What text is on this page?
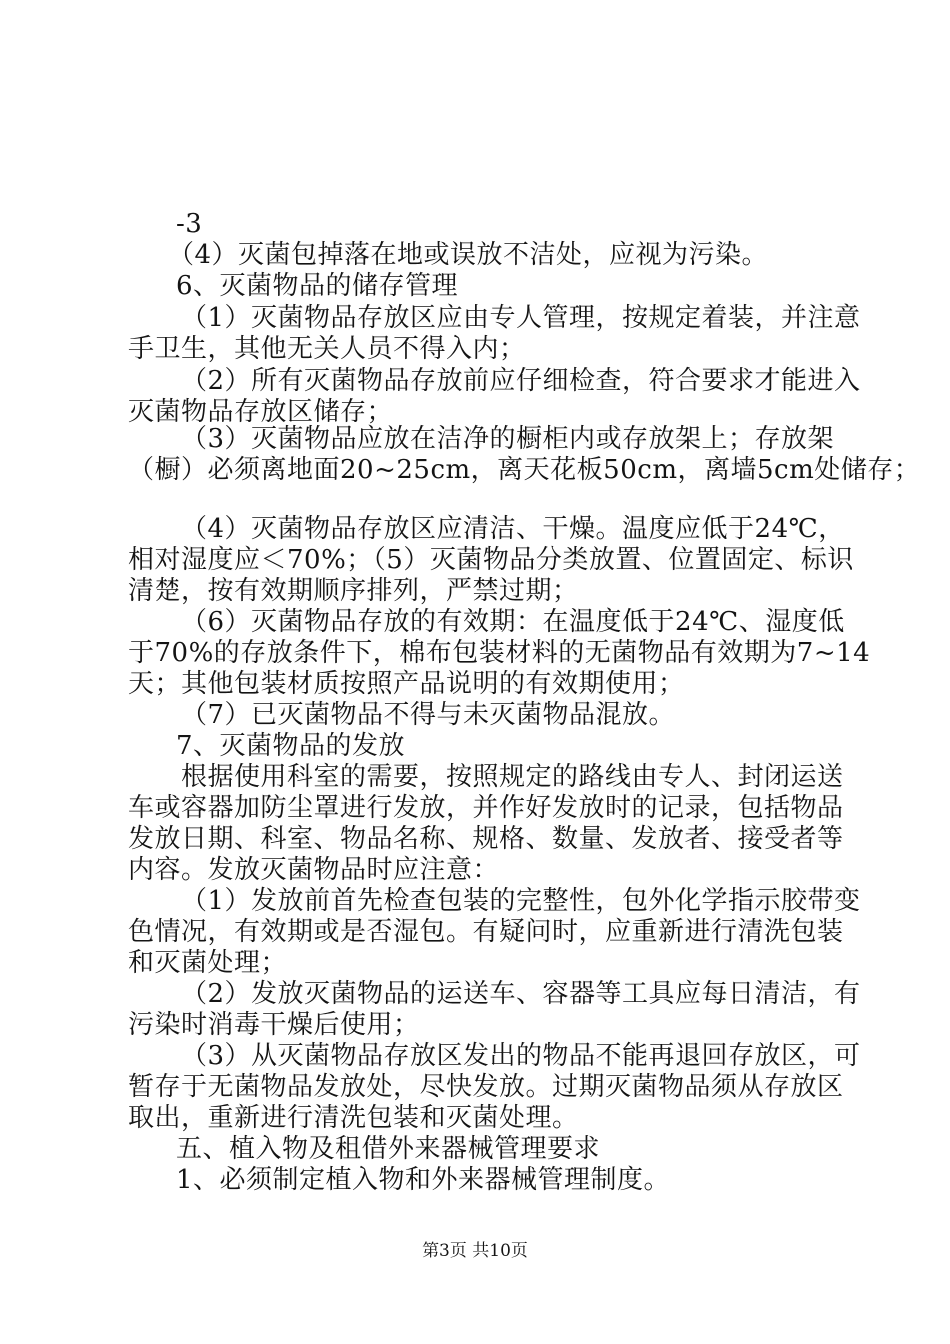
-3
（4）灭菌包掉落在地或误放不洁处，应视为污染。
6、灭菌物品的储存管理
（1）灭菌物品存放区应由专人管理，按规定着装，并注意
手卫生，其他无关人员不得入内；
（2）所有灭菌物品存放前应仔细检查，符合要求才能进入
灭菌物品存放区储存；
（3）灭菌物品应放在洁净的橱柜内或存放架上；存放架
（橱）必须离地面20~25cm，离天花板50cm，离墙5cm处储存；
（4）灭菌物品存放区应清洁、干燥。温度应低于24℃，
相对湿度应＜70%；（5）灭菌物品分类放置、位置固定、标识
清楚，按有效期顺序排列，严禁过期；
（6）灭菌物品存放的有效期：在温度低于24℃、湿度低
于70%的存放条件下，棉布包装材料的无菌物品有效期为7~14
天；其他包装材质按照产品说明的有效期使用；
（7）已灭菌物品不得与未灭菌物品混放。
7、灭菌物品的发放
根据使用科室的需要，按照规定的路线由专人、封闭运送
车或容器加防尘罩进行发放，并作好发放时的记录，包括物品
发放日期、科室、物品名称、规格、数量、发放者、接受者等
内容。发放灭菌物品时应注意：
（1）发放前首先检查包装的完整性，包外化学指示胶带变
色情况，有效期或是否湿包。有疑问时，应重新进行清洗包装
和灭菌处理；
（2）发放灭菌物品的运送车、容器等工具应每日清洁，有
污染时消毒干燥后使用；
（3）从灭菌物品存放区发出的物品不能再退回存放区，可
暂存于无菌物品发放处，尽快发放。过期灭菌物品须从存放区
取出，重新进行清洗包装和灭菌处理。
五、植入物及租借外来器械管理要求
1、必须制定植入物和外来器械管理制度。
第3页 共10页
